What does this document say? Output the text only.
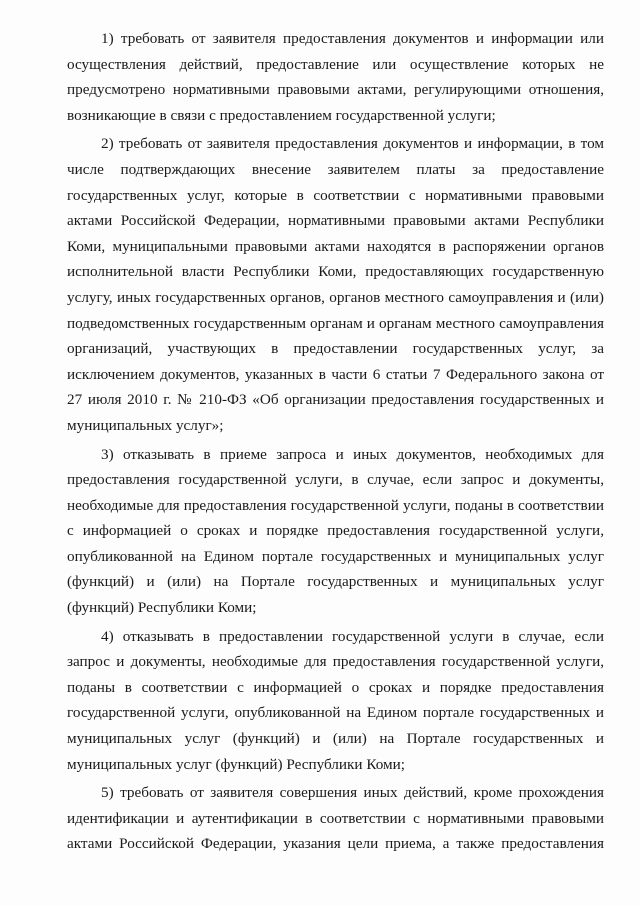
1) требовать от заявителя предоставления документов и информации или
осуществления действий, предоставление или осуществление которых не
предусмотрено нормативными правовыми актами, регулирующими отношения,
возникающие в связи с предоставлением государственной услуги;
2) требовать от заявителя предоставления документов и информации, в том
числе подтверждающих внесение заявителем платы за предоставление
государственных услуг, которые в соответствии с нормативными правовыми
актами Российской Федерации, нормативными правовыми актами Республики
Коми, муниципальными правовыми актами находятся в распоряжении органов
исполнительной власти Республики Коми, предоставляющих государственную
услугу, иных государственных органов, органов местного самоуправления и (или)
подведомственных государственным органам и органам местного самоуправления
организаций, участвующих в предоставлении государственных услуг, за
исключением документов, указанных в части 6 статьи 7 Федерального закона от
27 июля 2010 г. № 210-ФЗ «Об организации предоставления государственных и
муниципальных услуг»;
3) отказывать в приеме запроса и иных документов, необходимых для
предоставления государственной услуги, в случае, если запрос и документы,
необходимые для предоставления государственной услуги, поданы в соответствии
с информацией о сроках и порядке предоставления государственной услуги,
опубликованной на Едином портале государственных и муниципальных услуг
(функций) и (или) на Портале государственных и муниципальных услуг
(функций) Республики Коми;
4) отказывать в предоставлении государственной услуги в случае, если
запрос и документы, необходимые для предоставления государственной услуги,
поданы в соответствии с информацией о сроках и порядке предоставления
государственной услуги, опубликованной на Едином портале государственных и
муниципальных услуг (функций) и (или) на Портале государственных и
муниципальных услуг (функций) Республики Коми;
5) требовать от заявителя совершения иных действий, кроме прохождения
идентификации и аутентификации в соответствии с нормативными правовыми
актами Российской Федерации, указания цели приема, а также предоставления
